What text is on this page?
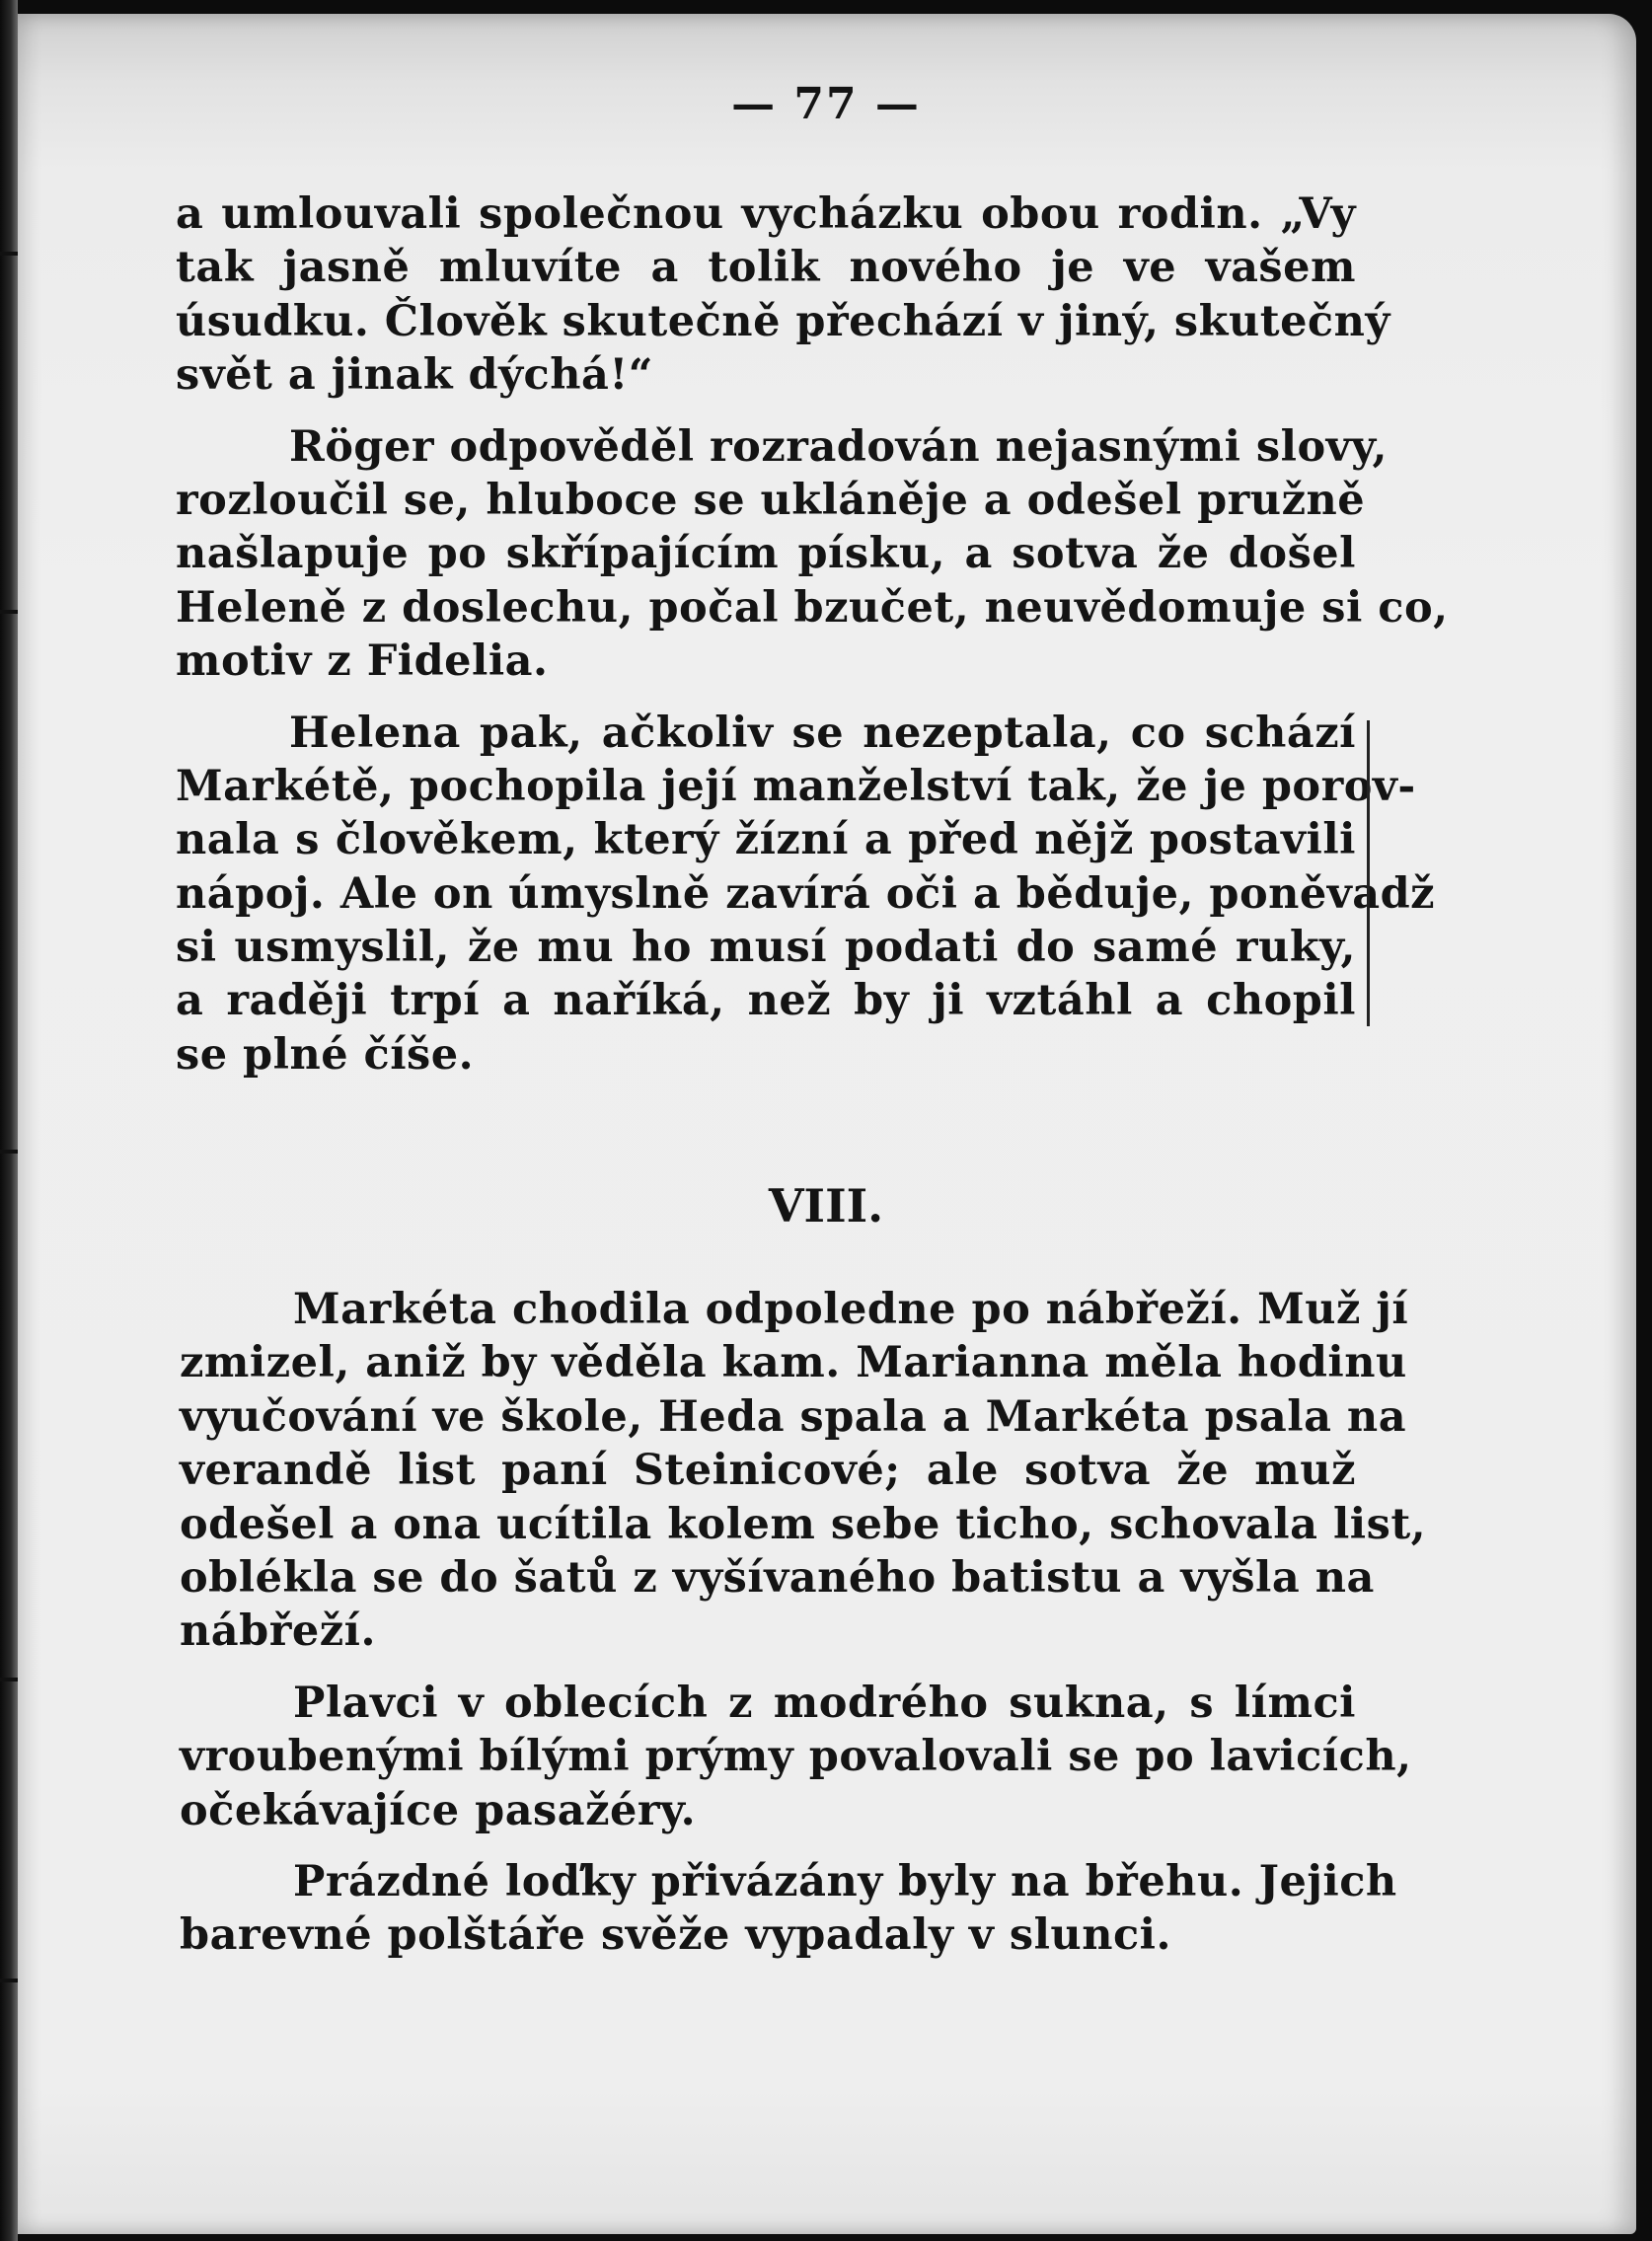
— 77 —
a umlouvali společnou vycházku obou rodin. „Vy
tak jasně mluvíte a tolik nového je ve vašem
úsudku. Člověk skutečně přechází v jiný, skutečný
svět a jinak dýchá!“
Röger odpověděl rozradován nejasnými slovy,
rozloučil se, hluboce se ukláněje a odešel pružně
našlapuje po skřípajícím písku, a sotva že došel
Heleně z doslechu, počal bzučet, neuvědomuje si co,
motiv z Fidelia.
Helena pak, ačkoliv se nezeptala, co schází
Markétě, pochopila její manželství tak, že je porov-
nala s člověkem, který žízní a před nějž postavili
nápoj. Ale on úmyslně zavírá oči a běduje, poněvadž
si usmyslil, že mu ho musí podati do samé ruky,
a raději trpí a naříká, než by ji vztáhl a chopil
se plné číše.
VIII.
Markéta chodila odpoledne po nábřeží. Muž jí
zmizel, aniž by věděla kam. Marianna měla hodinu
vyučování ve škole, Heda spala a Markéta psala na
verandě list paní Steinicové; ale sotva že muž
odešel a ona ucítila kolem sebe ticho, schovala list,
oblékla se do šatů z vyšívaného batistu a vyšla na
nábřeží.
Plavci v oblecích z modrého sukna, s límci
vroubenými bílými prýmy povalovali se po lavicích,
očekávajíce pasažéry.
Prázdné loďky přivázány byly na břehu. Jejich
barevné polštáře svěže vypadaly v slunci.
